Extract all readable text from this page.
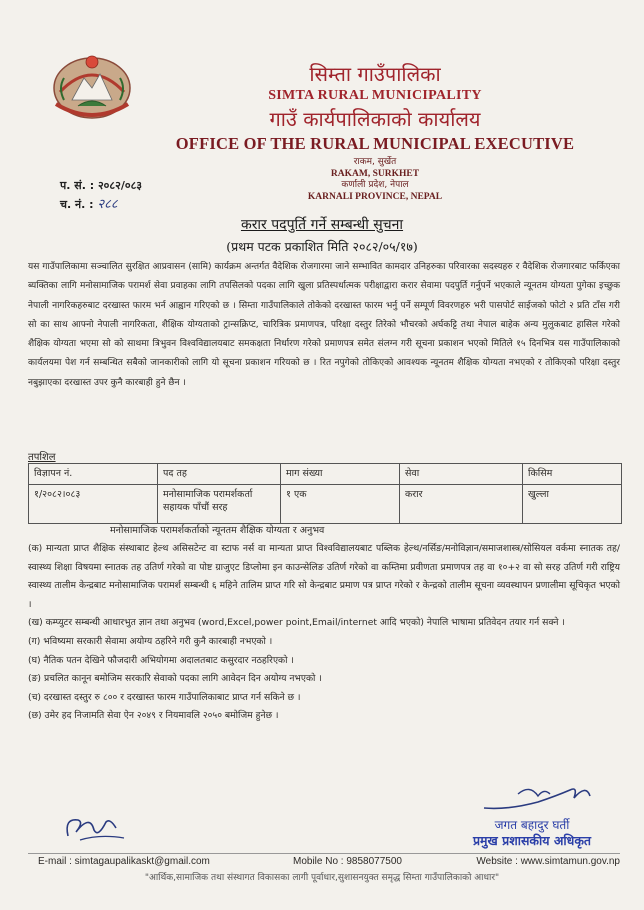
सिम्ता गाउँपालिका
SIMTA RURAL MUNICIPALITY
गाउँ कार्यपालिकाको कार्यालय
OFFICE OF THE RURAL MUNICIPAL EXECUTIVE
राकम, सुर्खेत
RAKAM, SURKHET
कर्णाली प्रदेश, नेपाल
KARNALI PROVINCE, NEPAL
प. सं. : २०८२/०८३
च. नं. : २८८
करार पदपुर्ति गर्ने सम्बन्धी सुचना
(प्रथम पटक प्रकाशित मिति २०८२/०५/१७)
यस गाउँपालिकामा सञ्चालित सुरक्षित आप्रवासन (सामि) कार्यक्रम अन्तर्गत वैदेशिक रोजगारमा जाने सम्भावित कामदार उनिहरुका परिवारका सदस्यहरु र वैदेशिक रोजगारबाट फर्किएका ब्यक्तिका लागि मनोसामाजिक परामर्श सेवा प्रवाहका लागि तपसिलको पदका लागि खुला प्रतिस्पर्धात्मक परीक्षाद्वारा करार सेवामा पदपुर्ति गर्नुपर्ने भएकाले न्यूनतम योग्यता पुगेका इच्छुक नेपाली नागरिकहरुबाट दरखास्त फारम भर्न आह्वान गरिएको छ । सिम्ता गाउँपालिकाले तोकेको दरखास्त फारम भर्नु पर्ने सम्पूर्ण विवरणहरु भरी पासपोर्ट साईजको फोटो २ प्रति टाँस गरी सो का साथ आफ्नो नेपाली नागरिकता, शैक्षिक योग्यताको ट्रान्सक्रिप्ट, चारित्रिक प्रमाणपत्र, परिक्षा दस्तुर तिरेको भौचरको अर्घकट्टि तथा नेपाल बाहेक अन्य मुलुकबाट हासिल गरेको शैक्षिक योग्यता भएमा सो को साथमा त्रिभुवन विश्वविद्यालयबाट समकक्षता निर्धारण गरेको प्रमाणपत्र समेत संलग्न गरी सूचना प्रकाशन भएको मितिले १५ दिनभित्र यस गाउँपालिकाको कार्यलयमा पेश गर्न सम्बन्धित सबैको जानकारीको लागि यो सूचना प्रकाशन गरियको छ । रित नपुगेको तोकिएको आवश्यक न्यूनतम शैक्षिक योग्यता नभएको र तोकिएको परिक्षा दस्तुर नबुझाएका दरखास्त उपर कुनै कारबाही हुने छैन ।
तपशिल
विज्ञापन नं.	पद तह	माग संख्या	सेवा	किसिम
१/२०८२।०८३	मनोसामाजिक परामर्शकर्ता सहायक पाँचौं सरह	१ एक	करार	खुल्ला
मनोसामाजिक परामर्शकर्ताको न्यूनतम शैक्षिक योग्यता र अनुभव

(क) मान्यता प्राप्त शैक्षिक संस्थाबाट हेल्थ असिसटेन्ट वा स्टाफ नर्स वा मान्यता प्राप्त विश्वविद्यालयबाट पब्लिक हेल्थ/नर्सिङ/मनोविज्ञान/समाजशास्त्र/सोसियल वर्कमा स्नातक तह/स्वास्थ्य शिक्षा विषयमा स्नातक तह उतिर्ण गरेको वा पोष्ट ग्राजुएट डिप्लोमा इन काउन्सेलिङ उतिर्ण गरेको वा कम्तिमा प्रवीणता प्रमाणपत्र तह वा १०+२ वा सो सरह उतिर्ण गरी राष्ट्रिय स्वास्थ्य तालीम केन्द्रबाट मनोसामाजिक परामर्श सम्बन्धी ६ महिने तालिम प्राप्त गरि सो केन्द्रबाट प्रमाण पत्र प्राप्त गरेको र केन्द्रको तालीम सूचना व्यवस्थापन प्रणालीमा सूचिकृत भएको ।

(ख) कम्प्युटर सम्बन्धी आधारभुत ज्ञान तथा अनुभव (word,Excel,power point,Email/internet आदि भएको) नेपालि भाषामा प्रतिवेदन तयार गर्न सक्ने ।

(ग) भविष्यमा सरकारी सेवामा अयोग्य ठहरिने गरी कुनै कारबाही नभएको ।

(घ) नैतिक पतन देखिने फौजदारी अभियोगमा अदालतबाट कसुरदार नठहरिएको ।

(ङ) प्रचलित कानून बमोजिम सरकारि सेवाको पदका लागि आवेदन दिन अयोग्य नभएको ।

(च) दरखास्त दस्तुर रु ८०० र दरखास्त फारम गाउँपालिकाबाट प्राप्त गर्न सकिने छ ।

(छ) उमेर हद निजामति सेवा ऐन २०४९ र नियमावलि २०५० बमोजिम हुनेछ ।

जगत बहादुर घर्ती
प्रमुख प्रशासकीय अधिकृत
E-mail : simtagaupalikaskt@gmail.com	Mobile No : 9858077500	Website : www.simtamun.gov.np
"आर्थिक,सामाजिक तथा संस्थागत विकासका लागी पूर्वाधार,सुशासनयुक्त समृद्ध सिम्ता गाउँपालिकाको आधार"
